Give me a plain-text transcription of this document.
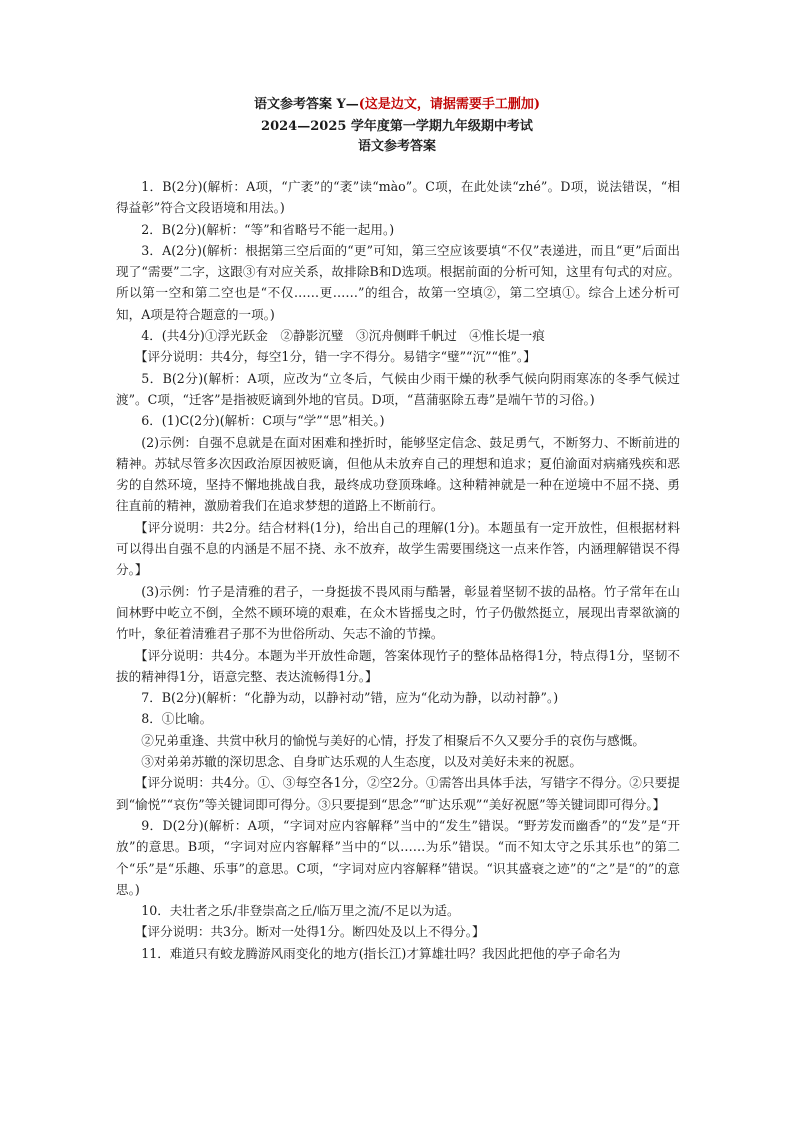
语文参考答案 Y—(这是边文，请据需要手工删加)
2024—2025 学年度第一学期九年级期中考试
语文参考答案

1．B(2分)(解析：A项，“广袤”的“袤”读“mào”。C项，在此处读“zhé”。D项，说法错误，“相得益彰”符合文段语境和用法。)

2．B(2分)(解析：“等”和省略号不能一起用。)

3．A(2分)(解析：根据第三空后面的“更”可知，第三空应该要填“不仅”表递进，而且“更”后面出现了“需要”二字，这跟③有对应关系，故排除B和D选项。根据前面的分析可知，这里有句式的对应。所以第一空和第二空也是“不仅……更……”的组合，故第一空填②，第二空填①。综合上述分析可知，A项是符合题意的一项。)

4．(共4分)①浮光跃金　②静影沉璧　③沉舟侧畔千帆过　④惟长堤一痕

【评分说明：共4分，每空1分，错一字不得分。易错字“璧”“沉”“惟”。】

5．B(2分)(解析：A项，应改为“立冬后，气候由少雨干燥的秋季气候向阴雨寒冻的冬季气候过渡”。C项，“迁客”是指被贬谪到外地的官员。D项，“菖蒲驱除五毒”是端午节的习俗。)

6．(1)C(2分)(解析：C项与“学”“思”相关。)

(2)示例：自强不息就是在面对困难和挫折时，能够坚定信念、鼓足勇气，不断努力、不断前进的精神。苏轼尽管多次因政治原因被贬谪，但他从未放弃自己的理想和追求；夏伯渝面对病痛残疾和恶劣的自然环境，坚持不懈地挑战自我，最终成功登顶珠峰。这种精神就是一种在逆境中不屈不挠、勇往直前的精神，激励着我们在追求梦想的道路上不断前行。

【评分说明：共2分。结合材料(1分)，给出自己的理解(1分)。本题虽有一定开放性，但根据材料可以得出自强不息的内涵是不屈不挠、永不放弃，故学生需要围绕这一点来作答，内涵理解错误不得分。】

(3)示例：竹子是清雅的君子，一身挺拔不畏风雨与酷暑，彰显着坚韧不拔的品格。竹子常年在山间林野中屹立不倒，全然不顾环境的艰难，在众木皆摇曳之时，竹子仍傲然挺立，展现出青翠欲滴的竹叶，象征着清雅君子那不为世俗所动、矢志不渝的节操。

【评分说明：共4分。本题为半开放性命题，答案体现竹子的整体品格得1分，特点得1分，坚韧不拔的精神得1分，语意完整、表达流畅得1分。】

7．B(2分)(解析：“化静为动，以静衬动”错，应为“化动为静，以动衬静”。)

8．①比喻。

②兄弟重逢、共赏中秋月的愉悦与美好的心情，抒发了相聚后不久又要分手的哀伤与感慨。

③对弟弟苏辙的深切思念、自身旷达乐观的人生态度，以及对美好未来的祝愿。

【评分说明：共4分。①、③每空各1分，②空2分。①需答出具体手法，写错字不得分。②只要提到“愉悦”“哀伤”等关键词即可得分。③只要提到“思念”“旷达乐观”“美好祝愿”等关键词即可得分。】

9．D(2分)(解析：A项，“字词对应内容解释”当中的“发生”错误。“野芳发而幽香”的“发”是“开放”的意思。B项，“字词对应内容解释”当中的“以……为乐”错误。“而不知太守之乐其乐也”的第二个“乐”是“乐趣、乐事”的意思。C项，“字词对应内容解释”错误。“识其盛衰之迹”的“之”是“的”的意思。)

10．夫壮者之乐/非登崇高之丘/临万里之流/不足以为适。

【评分说明：共3分。断对一处得1分。断四处及以上不得分。】

11．难道只有蛟龙腾游风雨变化的地方(指长江)才算雄壮吗？我因此把他的亭子命名为
